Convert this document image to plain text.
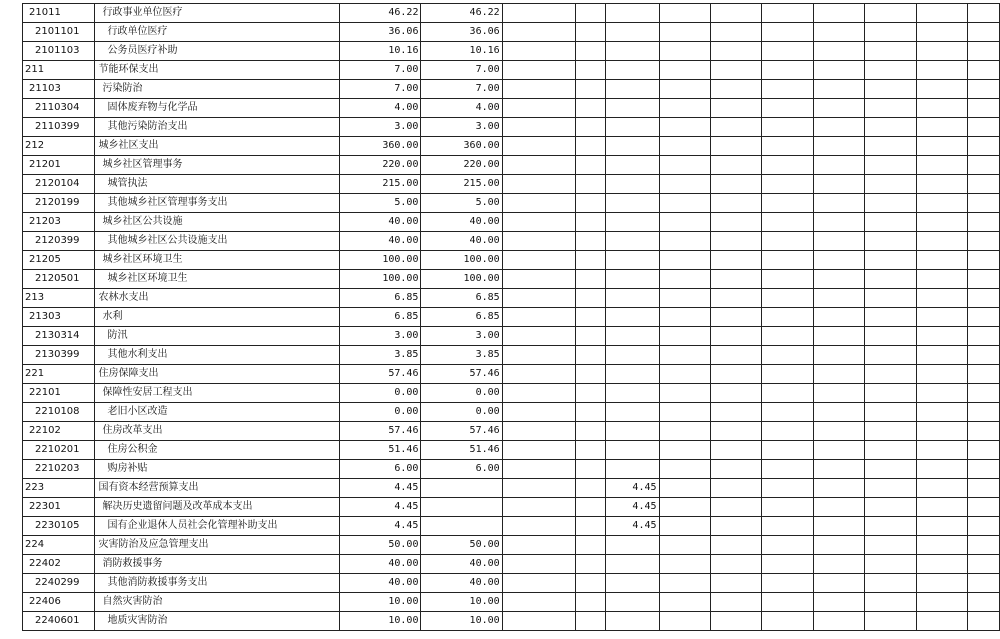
21011	行政事业单位医疗	46.22	46.22										
2101101	行政单位医疗	36.06	36.06										
2101103	公务员医疗补助	10.16	10.16										
211	节能环保支出	7.00	7.00										
21103	污染防治	7.00	7.00										
2110304	固体废弃物与化学品	4.00	4.00										
2110399	其他污染防治支出	3.00	3.00										
212	城乡社区支出	360.00	360.00										
21201	城乡社区管理事务	220.00	220.00										
2120104	城管执法	215.00	215.00										
2120199	其他城乡社区管理事务支出	5.00	5.00										
21203	城乡社区公共设施	40.00	40.00										
2120399	其他城乡社区公共设施支出	40.00	40.00										
21205	城乡社区环境卫生	100.00	100.00										
2120501	城乡社区环境卫生	100.00	100.00										
213	农林水支出	6.85	6.85										
21303	水利	6.85	6.85										
2130314	防汛	3.00	3.00										
2130399	其他水利支出	3.85	3.85										
221	住房保障支出	57.46	57.46										
22101	保障性安居工程支出	0.00	0.00										
2210108	老旧小区改造	0.00	0.00										
22102	住房改革支出	57.46	57.46										
2210201	住房公积金	51.46	51.46										
2210203	购房补贴	6.00	6.00										
223	国有资本经营预算支出	4.45				4.45							
22301	解决历史遗留问题及改革成本支出	4.45				4.45							
2230105	国有企业退休人员社会化管理补助支出	4.45				4.45							
224	灾害防治及应急管理支出	50.00	50.00										
22402	消防救援事务	40.00	40.00										
2240299	其他消防救援事务支出	40.00	40.00										
22406	自然灾害防治	10.00	10.00										
2240601	地质灾害防治	10.00	10.00										
